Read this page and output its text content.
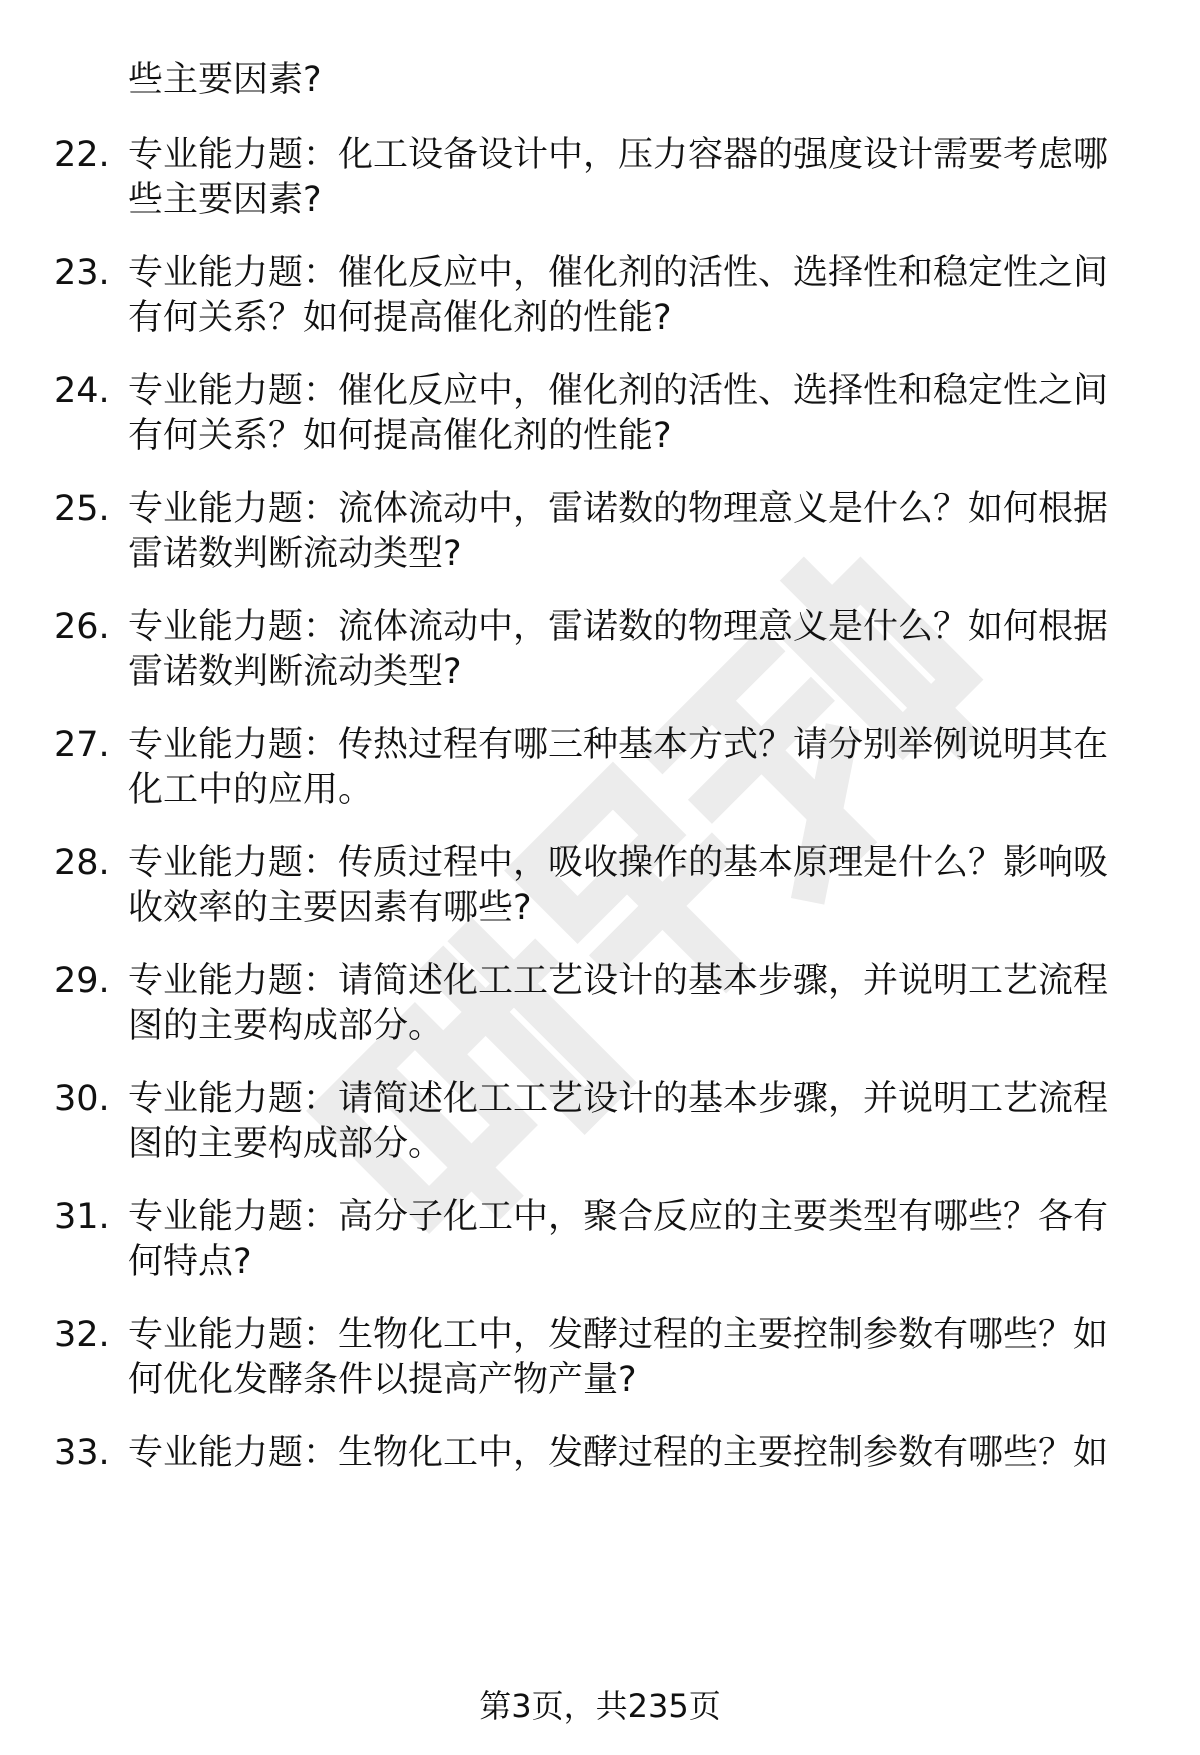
些主要因素?
22. 专业能力题：化工设备设计中，压力容器的强度设计需要考虑哪
些主要因素?
23. 专业能力题：催化反应中，催化剂的活性、选择性和稳定性之间
有何关系？如何提高催化剂的性能?
24. 专业能力题：催化反应中，催化剂的活性、选择性和稳定性之间
有何关系？如何提高催化剂的性能?
25. 专业能力题：流体流动中，雷诺数的物理意义是什么？如何根据
雷诺数判断流动类型?
26. 专业能力题：流体流动中，雷诺数的物理意义是什么？如何根据
雷诺数判断流动类型?
27. 专业能力题：传热过程有哪三种基本方式？请分别举例说明其在
化工中的应用。
28. 专业能力题：传质过程中，吸收操作的基本原理是什么？影响吸
收效率的主要因素有哪些?
29. 专业能力题：请简述化工工艺设计的基本步骤，并说明工艺流程
图的主要构成部分。
30. 专业能力题：请简述化工工艺设计的基本步骤，并说明工艺流程
图的主要构成部分。
31. 专业能力题：高分子化工中，聚合反应的主要类型有哪些？各有
何特点?
32. 专业能力题：生物化工中，发酵过程的主要控制参数有哪些？如
何优化发酵条件以提高产物产量?
33. 专业能力题：生物化工中，发酵过程的主要控制参数有哪些？如
第3页，共235页
